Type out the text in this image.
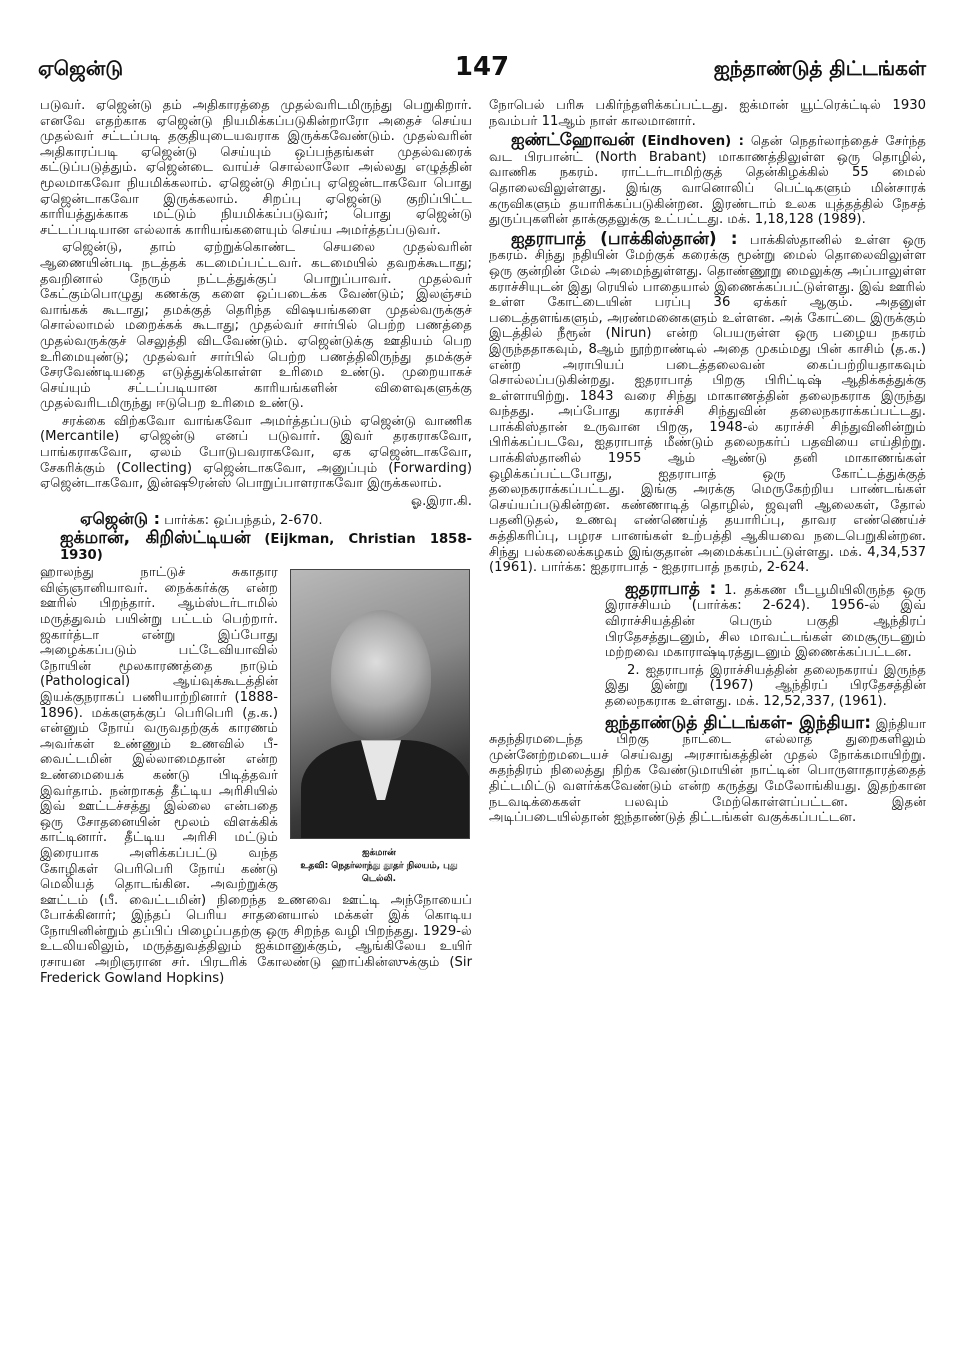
ஏஜென்டு	147	ஐந்தாண்டுத் திட்டங்கள்

படுவர். ஏஜென்டு தம் அதிகாரத்தை முதல்வரிடமிருந்து பெறுகிறார். எனவே எதற்காக ஏஜென்டு நியமிக்கப்படுகின்றாரோ அதைச் செய்ய முதல்வர் சட்டப்படி தகுதியுடையவராக இருக்கவேண்டும். முதல்வரின் அதிகாரப்படி ஏஜென்டு செய்யும் ஒப்பந்தங்கள் முதல்வரைக் கட்டுப்படுத்தும். ஏஜென்டை வாய்ச் சொல்லாலோ அல்லது எழுத்தின் மூலமாகவோ நியமிக்கலாம். ஏஜென்டு சிறப்பு ஏஜென்டாகவோ பொது ஏஜென்டாகவோ இருக்கலாம். சிறப்பு ஏஜென்டு குறிப்பிட்ட காரியத்துக்காக மட்டும் நியமிக்கப்படுவர்; பொது ஏஜென்டு சட்டப்படியான எல்லாக் காரியங்களையும் செய்ய அமர்த்தப்படுவர்.

ஏஜென்டு, தாம் ஏற்றுக்கொண்ட செயலை முதல்வரின் ஆணையின்படி நடத்தக் கடமைப்பட்டவர். கடமையில் தவறக்கூடாது; தவறினால் நேரும் நட்டத்துக்குப் பொறுப்பாவர். முதல்வர் கேட்கும்பொழுது கணக்கு களை ஒப்படைக்க வேண்டும்; இலஞ்சம் வாங்கக் கூடாது; தமக்குத் தெரிந்த விஷயங்களை முதல்வருக்குச் சொல்லாமல் மறைக்கக் கூடாது; முதல்வர் சார்பில் பெற்ற பணத்தை முதல்வருக்குச் செலுத்தி விடவேண்டும். ஏஜென்டுக்கு ஊதியம் பெற உரிமையுண்டு; முதல்வர் சார்பில் பெற்ற பணத்திலிருந்து தமக்குச் சேரவேண்டியதை எடுத்துக்கொள்ள உரிமை உண்டு. முறையாகச் செய்யும் சட்டப்படியான காரியங்களின் விளைவுகளுக்கு முதல்வரிடமிருந்து ஈடுபெற உரிமை உண்டு.

சரக்கை விற்கவோ வாங்கவோ அமர்த்தப்படும் ஏஜென்டு வாணிக (Mercantile) ஏஜென்டு எனப் படுவார். இவர் தரகராகவோ, பாங்கராகவோ, ஏலம் போடுபவராகவோ, ஏக ஏஜென்டாகவோ, சேகரிக்கும் (Collecting) ஏஜென்டாகவோ, அனுப்பும் (Forwarding) ஏஜென்டாகவோ, இன்ஷூரன்ஸ் பொறுப்பாளராகவோ இருக்கலாம்.

ஓ.இரா.கி.

ஏஜென்டு : பார்க்க: ஒப்பந்தம், 2-670.

ஐக்மான், கிறிஸ்ட்டியன் (Eijkman, Christian 1858-1930)

ஐக்மான்
உதவி: நெதர்லாந்து தூதர் நிலயம், புது டெல்லி.

ஹாலந்து நாட்டுச் சுகாதார விஞ்ஞானியாவர். நைக்கர்க்கு என்ற ஊரில் பிறந்தார். ஆம்ஸ்டர்டாமில் மருத்துவம் பயின்று பட்டம் பெற்றார். ஜகார்த்டா என்று இப்போது அழைக்கப்படும் பட்டேவியாவில் நோயின் மூலகாரணத்தை நாடும் (Pathological) ஆய்வுக்கூடத்தின் இயக்குநராகப் பணியாற்றினார் (1888-1896). மக்களுக்குப் பெரிபெரி (த.க.) என்னும் நோய் வருவதற்குக் காரணம் அவர்கள் உண்ணும் உணவில் பீ-வைட்டமின் இல்லாமைதான் என்ற உண்மையைக் கண்டு பிடித்தவர் இவர்தாம். நன்றாகத் தீட்டிய அரிசியில் இவ் ஊட்டச்சத்து இல்லை என்பதை ஒரு சோதனையின் மூலம் விளக்கிக் காட்டினார். தீட்டிய அரிசி மட்டும் இரையாக அளிக்கப்பட்டு வந்த கோழிகள் பெரிபெரி நோய் கண்டு மெலியத் தொடங்கின. அவற்றுக்கு ஊட்டம் (பீ. வைட்டமின்) நிறைந்த உணவை ஊட்டி அந்நோயைப் போக்கினார்; இந்தப் பெரிய சாதனையால் மக்கள் இக் கொடிய நோயினின்றும் தப்பிப் பிழைப்பதற்கு ஒரு சிறந்த வழி பிறந்தது. 1929-ல் உடலியலிலும், மருத்துவத்திலும் ஐக்மானுக்கும், ஆங்கிலேய உயிர் ரசாயன அறிஞரான சர். பிரடரிக் கோலண்டு ஹாப்கின்ஸுக்கும் (Sir Frederick Gowland Hopkins)

நோபெல் பரிசு பகிர்ந்தளிக்கப்பட்டது. ஐக்மான் யூட்ரெக்ட்டில் 1930 நவம்பர் 11ஆம் நாள் காலமானார்.

ஐண்ட்ஹோவன் (Eindhoven) : தென் நெதர்லாந்தைச் சேர்ந்த வட பிரபான்ட் (North Brabant) மாகாணத்திலுள்ள ஒரு தொழில், வாணிக நகரம். ராட்டர்டாமிற்குத் தென்கிழக்கில் 55 மைல் தொலைவிலுள்ளது. இங்கு வானொலிப் பெட்டிகளும் மின்சாரக் கருவிகளும் தயாரிக்கப்படுகின்றன. இரண்டாம் உலக யுத்தத்தில் நேசத் துருப்புகளின் தாக்குதலுக்கு உட்பட்டது. மக். 1,18,128 (1989).

ஐதராபாத் (பாக்கிஸ்தான்) : பாக்கிஸ்தானில் உள்ள ஒரு நகரம். சிந்து நதியின் மேற்குக் கரைக்கு மூன்று மைல் தொலைவிலுள்ள ஒரு குன்றின் மேல் அமைந்துள்ளது. தொண்ணூறு மைலுக்கு அப்பாலுள்ள கராச்சியுடன் இது ரெயில் பாதையால் இணைக்கப்பட்டுள்ளது. இவ் ஊரில் உள்ள கோட்டையின் பரப்பு 36 ஏக்கர் ஆகும். அதனுள் படைத்தளங்களும், அரண்மனைகளும் உள்ளன. அக் கோட்டை இருக்கும் இடத்தில் நீரூன் (Nirun) என்ற பெயருள்ள ஒரு பழைய நகரம் இருந்ததாகவும், 8ஆம் நூற்றாண்டில் அதை முகம்மது பின் காசிம் (த.க.) என்ற அராபியப் படைத்தலைவன் கைப்பற்றியதாகவும் சொல்லப்படுகின்றது. ஐதராபாத் பிறகு பிரிட்டிஷ் ஆதிக்கத்துக்கு உள்ளாயிற்று. 1843 வரை சிந்து மாகாணத்தின் தலைநகராக இருந்து வந்தது. அப்போது கராச்சி சிந்துவின் தலைநகராக்கப்பட்டது. பாக்கிஸ்தான் உருவான பிறகு, 1948-ல் கராச்சி சிந்துவினின்றும் பிரிக்கப்படவே, ஐதராபாத் மீண்டும் தலைநகர்ப் பதவியை எய்திற்று. பாக்கிஸ்தானில் 1955 ஆம் ஆண்டு தனி மாகாணங்கள் ஒழிக்கப்பட்டபோது, ஐதராபாத் ஒரு கோட்டத்துக்குத் தலைநகராக்கப்பட்டது. இங்கு அரக்கு மெருகேற்றிய பாண்டங்கள் செய்யப்படுகின்றன. கண்ணாடித் தொழில், ஜவுளி ஆலைகள், தோல் பதனிடுதல், உணவு எண்ணெய்த் தயாரிப்பு, தாவர எண்ணெய்ச் சுத்திகரிப்பு, பழரச பானங்கள் உற்பத்தி ஆகியவை நடைபெறுகின்றன. சிந்து பல்கலைக்கழகம் இங்குதான் அமைக்கப்பட்டுள்ளது. மக். 4,34,537 (1961). பார்க்க: ஐதராபாத் - ஐதராபாத் நகரம், 2-624.

ஐதராபாத் : 1. தக்கண பீடபூமியிலிருந்த ஒரு இராச்சியம் (பார்க்க: 2-624). 1956-ல் இவ் விராச்சியத்தின் பெரும் பகுதி ஆந்திரப் பிரதேசத்துடனும், சில மாவட்டங்கள் மைசூருடனும் மற்றவை மகாராஷ்டிரத்துடனும் இணைக்கப்பட்டன.

2. ஐதராபாத் இராச்சியத்தின் தலைநகராய் இருந்த இது இன்று (1967) ஆந்திரப் பிரதேசத்தின் தலைநகராக உள்ளது. மக். 12,52,337, (1961).

ஐந்தாண்டுத் திட்டங்கள்- இந்தியா: இந்தியா சுதந்திரமடைந்த பிறகு நாட்டை எல்லாத் துறைகளிலும் முன்னேற்றமடையச் செய்வது அரசாங்கத்தின் முதல் நோக்கமாயிற்று. சுதந்திரம் நிலைத்து நிற்க வேண்டுமாயின் நாட்டின் பொருளாதாரத்தைத் திட்டமிட்டு வளர்க்கவேண்டும் என்ற கருத்து மேலோங்கியது. இதற்கான நடவடிக்கைகள் பலவும் மேற்கொள்ளப்பட்டன. இதன் அடிப்படையில்தான் ஐந்தாண்டுத் திட்டங்கள் வகுக்கப்பட்டன.
